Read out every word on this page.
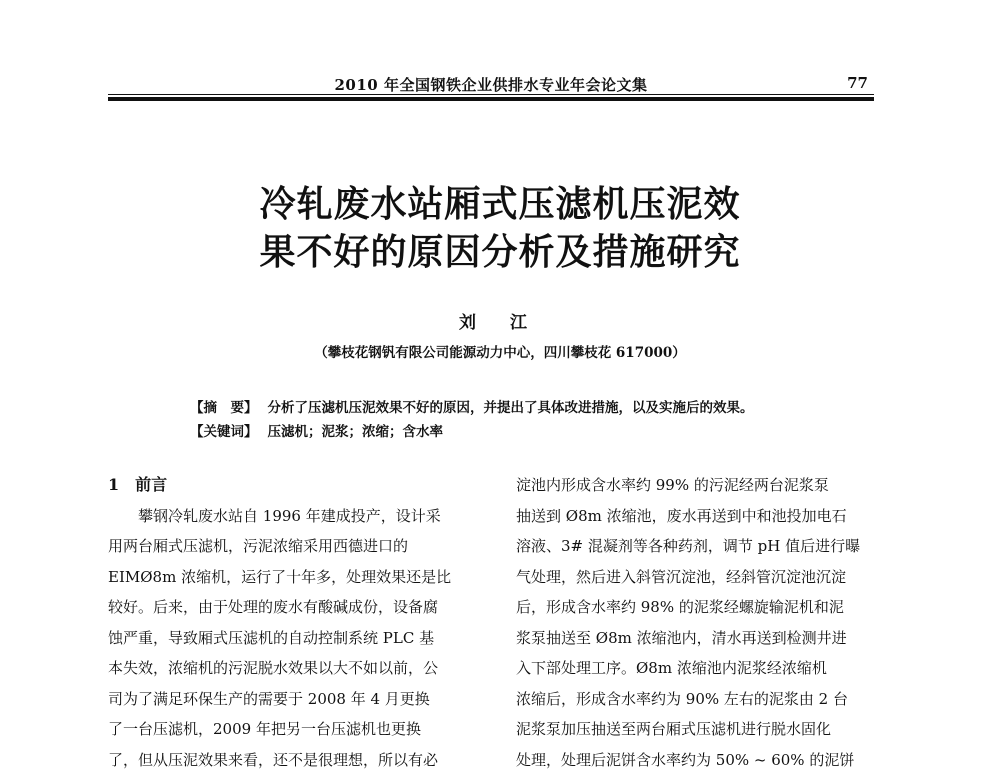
2010 年全国钢铁企业供排水专业年会论文集	77
冷轧废水站厢式压滤机压泥效
果不好的原因分析及措施研究
刘 江
（攀枝花钢钒有限公司能源动力中心，四川攀枝花 617000）
【摘　要】 分析了压滤机压泥效果不好的原因，并提出了具体改进措施，以及实施后的效果。
【关键词】 压滤机；泥浆；浓缩；含水率
1　前言
　　攀钢冷轧废水站自 1996 年建成投产，设计采
用两台厢式压滤机，污泥浓缩采用西德进口的
EIMØ8m 浓缩机，运行了十年多，处理效果还是比
较好。后来，由于处理的废水有酸碱成份，设备腐
蚀严重，导致厢式压滤机的自动控制系统 PLC 基
本失效，浓缩机的污泥脱水效果以大不如以前，公
司为了满足环保生产的需要于 2008 年 4 月更换
了一台压滤机，2009 年把另一台压滤机也更换
了，但从压泥效果来看，还不是很理想，所以有必
淀池内形成含水率约 99% 的污泥经两台泥浆泵
抽送到 Ø8m 浓缩池，废水再送到中和池投加电石
溶液、3# 混凝剂等各种药剂，调节 pH 值后进行曝
气处理，然后进入斜管沉淀池，经斜管沉淀池沉淀
后，形成含水率约 98% 的泥浆经螺旋输泥机和泥
浆泵抽送至 Ø8m 浓缩池内，清水再送到检测井进
入下部处理工序。Ø8m 浓缩池内泥浆经浓缩机
浓缩后，形成含水率约为 90% 左右的泥浆由 2 台
泥浆泵加压抽送至两台厢式压滤机进行脱水固化
处理，处理后泥饼含水率约为 50% ~ 60% 的泥饼
